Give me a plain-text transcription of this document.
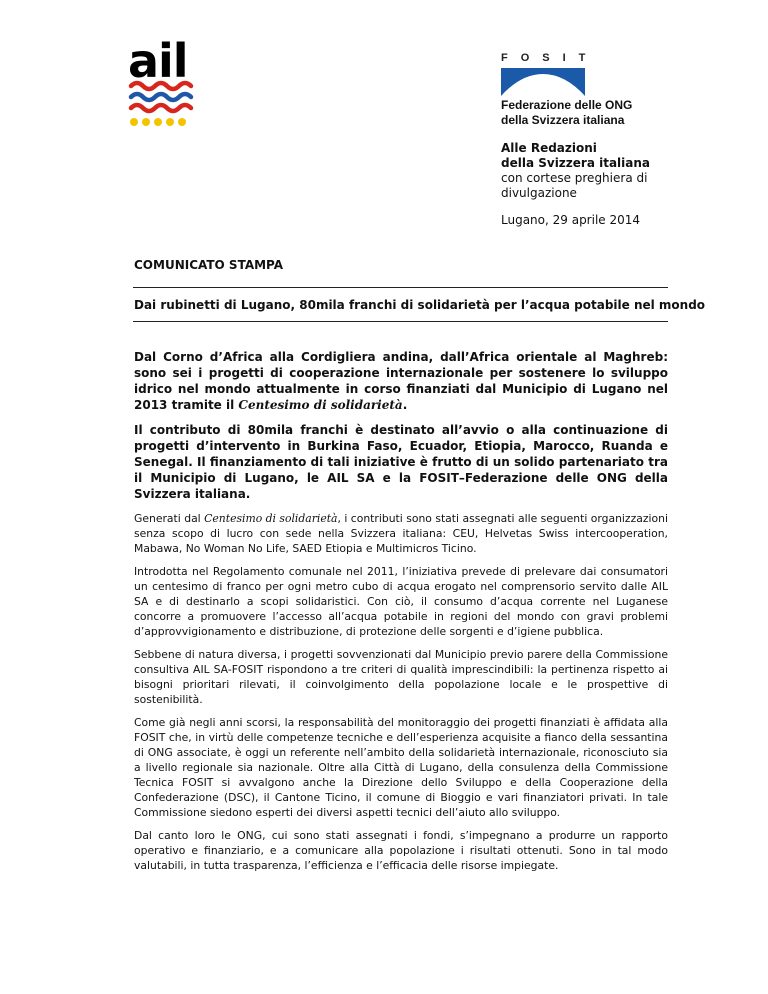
ail	FOSIT
Federazione delle ONG
della Svizzera italiana
Alle Redazioni
della Svizzera italiana
con cortese preghiera di
divulgazione
Lugano, 29 aprile 2014
COMUNICATO STAMPA
Dai rubinetti di Lugano, 80mila franchi di solidarietà per l’acqua potabile nel mondo

Dal Corno d’Africa alla Cordigliera andina, dall’Africa orientale al Maghreb: sono sei i progetti di cooperazione internazionale per sostenere lo sviluppo idrico nel mondo attualmente in corso finanziati dal Municipio di Lugano nel 2013 tramite il Centesimo di solidarietà.

Il contributo di 80mila franchi è destinato all’avvio o alla continuazione di progetti d’intervento in Burkina Faso, Ecuador, Etiopia, Marocco, Ruanda e Senegal. Il finanziamento di tali iniziative è frutto di un solido partenariato tra il Municipio di Lugano, le AIL SA e la FOSIT–Federazione delle ONG della Svizzera italiana.

Generati dal Centesimo di solidarietà, i contributi sono stati assegnati alle seguenti organizzazioni senza scopo di lucro con sede nella Svizzera italiana: CEU, Helvetas Swiss intercooperation, Mabawa, No Woman No Life, SAED Etiopia e Multimicros Ticino.

Introdotta nel Regolamento comunale nel 2011, l’iniziativa prevede di prelevare dai consumatori un centesimo di franco per ogni metro cubo di acqua erogato nel comprensorio servito dalle AIL SA e di destinarlo a scopi solidaristici. Con ciò, il consumo d’acqua corrente nel Luganese concorre a promuovere l’accesso all’acqua potabile in regioni del mondo con gravi problemi d’approvvigionamento e distribuzione, di protezione delle sorgenti e d’igiene pubblica.

Sebbene di natura diversa, i progetti sovvenzionati dal Municipio previo parere della Commissione consultiva AIL SA-FOSIT rispondono a tre criteri di qualità imprescindibili: la pertinenza rispetto ai bisogni prioritari rilevati, il coinvolgimento della popolazione locale e le prospettive di sostenibilità.

Come già negli anni scorsi, la responsabilità del monitoraggio dei progetti finanziati è affidata alla FOSIT che, in virtù delle competenze tecniche e dell’esperienza acquisite a fianco della sessantina di ONG associate, è oggi un referente nell’ambito della solidarietà internazionale, riconosciuto sia a livello regionale sia nazionale. Oltre alla Città di Lugano, della consulenza della Commissione Tecnica FOSIT si avvalgono anche la Direzione dello Sviluppo e della Cooperazione della Confederazione (DSC), il Cantone Ticino, il comune di Bioggio e vari finanziatori privati. In tale Commissione siedono esperti dei diversi aspetti tecnici dell’aiuto allo sviluppo.

Dal canto loro le ONG, cui sono stati assegnati i fondi, s’impegnano a produrre un rapporto operativo e finanziario, e a comunicare alla popolazione i risultati ottenuti. Sono in tal modo valutabili, in tutta trasparenza, l’efficienza e l’efficacia delle risorse impiegate.
